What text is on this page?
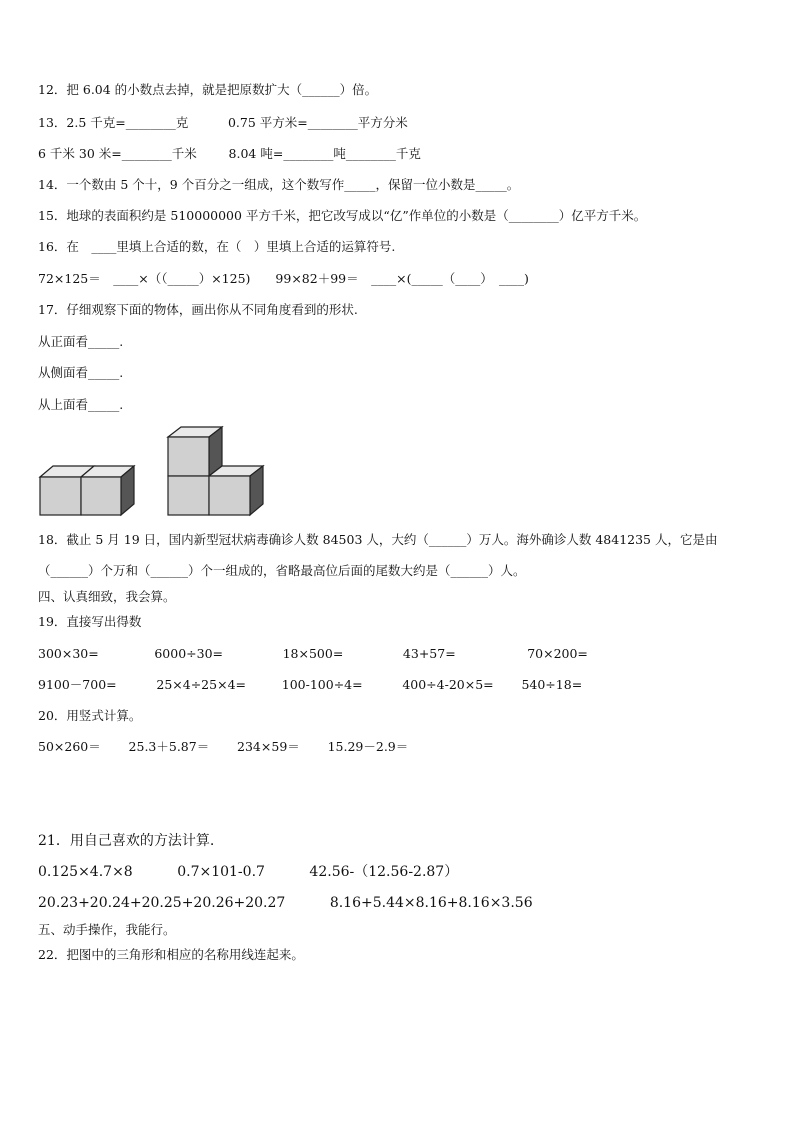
12．把 6.04 的小数点去掉，就是把原数扩大（______）倍。
13．2.5 千克=________克          0.75 平方米=________平方分米
6 千米 30 米=________千米        8.04 吨=________吨________千克
14．一个数由 5 个十，9 个百分之一组成，这个数写作_____，保留一位小数是_____。
15．地球的表面积约是 510000000 平方千米，把它改写成以“亿”作单位的小数是（________）亿平方千米。
16．在　____里填上合适的数，在（　）里填上合适的运算符号.
72×125＝　____×（（_____）×125)　　99×82＋99＝　____×(_____（____）　____)
17．仔细观察下面的物体，画出你从不同角度看到的形状.
从正面看_____.
从侧面看_____.
从上面看_____.
18．截止 5 月 19 日，国内新型冠状病毒确诊人数 84503 人，大约（______）万人。海外确诊人数 4841235 人，它是由
（______）个万和（______）个一组成的，省略最高位后面的尾数大约是（______）人。
四、认真细致，我会算。
19．直接写出得数
300×30=              6000÷30=               18×500=               43+57=                  70×200=
9100－700=          25×4÷25×4=         100-100÷4=          400÷4-20×5=       540÷18=
20．用竖式计算。
50×260＝       25.3＋5.87＝       234×59＝       15.29－2.9＝
21．用自己喜欢的方法计算.
0.125×4.7×8          0.7×101-0.7          42.56-（12.56-2.87）
20.23+20.24+20.25+20.26+20.27          8.16+5.44×8.16+8.16×3.56
五、动手操作，我能行。
22．把图中的三角形和相应的名称用线连起来。
